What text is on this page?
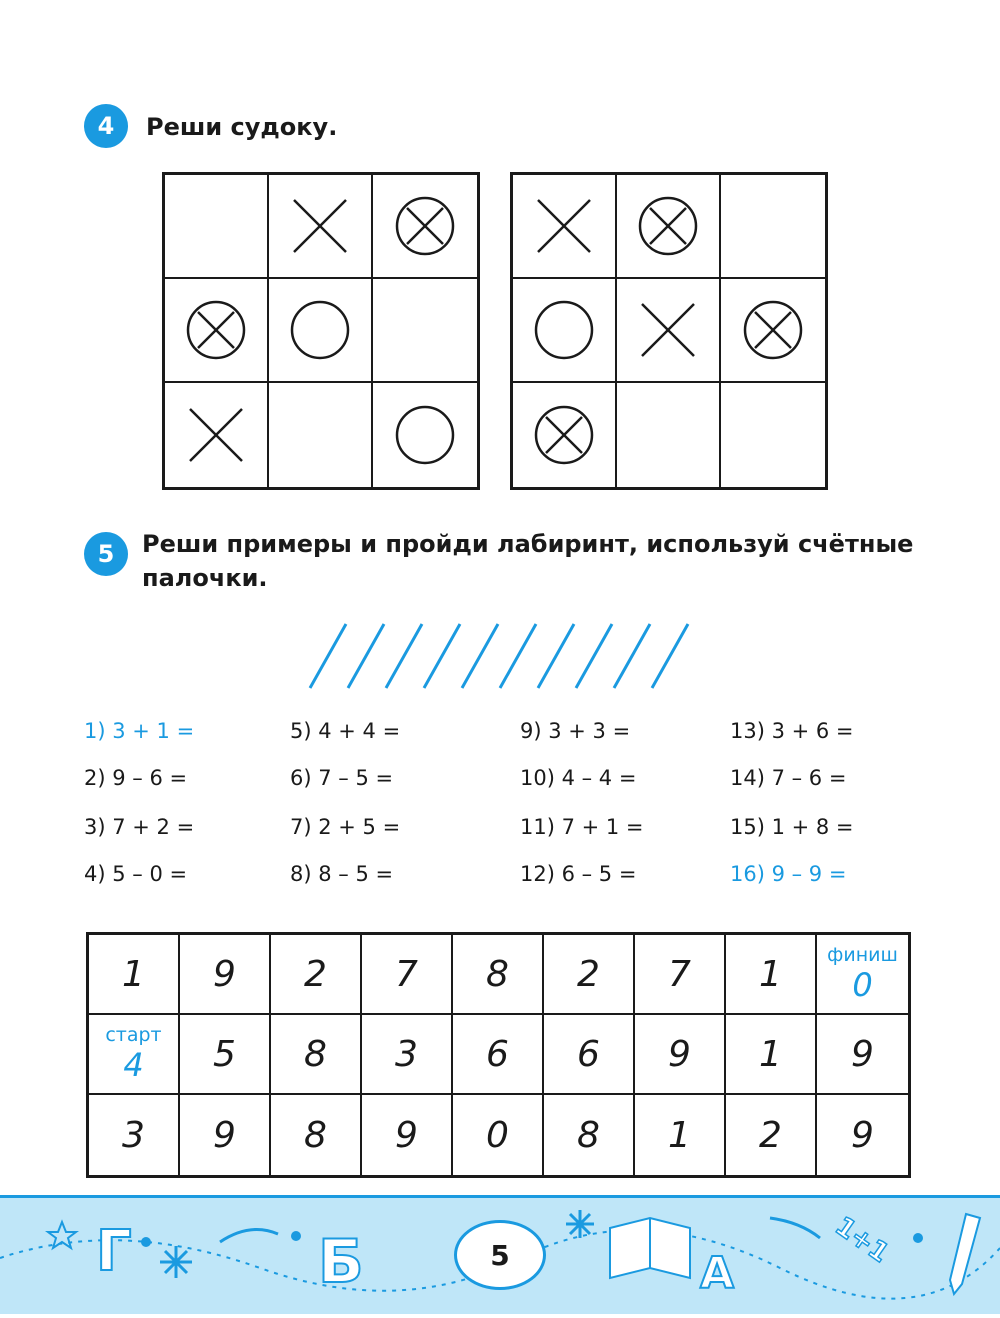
4	Реши судоку.
5	Реши примеры и пройди лабиринт, используй счётные
палочки.
1) 3 + 1 =
2) 9 – 6 =
3) 7 + 2 =
4) 5 – 0 =
5) 4 + 4 =
6) 7 – 5 =
7) 2 + 5 =
8) 8 – 5 =
9) 3 + 3 =
10) 4 – 4 =
11) 7 + 1 =
12) 6 – 5 =
13) 3 + 6 =
14) 7 – 6 =
15) 1 + 8 =
16) 9 – 9 =
1	9	2	7	8	2	7	1	финиш
0
старт
4	5	8	3	6	6	9	1	9
3	9	8	9	0	8	1	2	9
Г	Б	А
1+1
5
